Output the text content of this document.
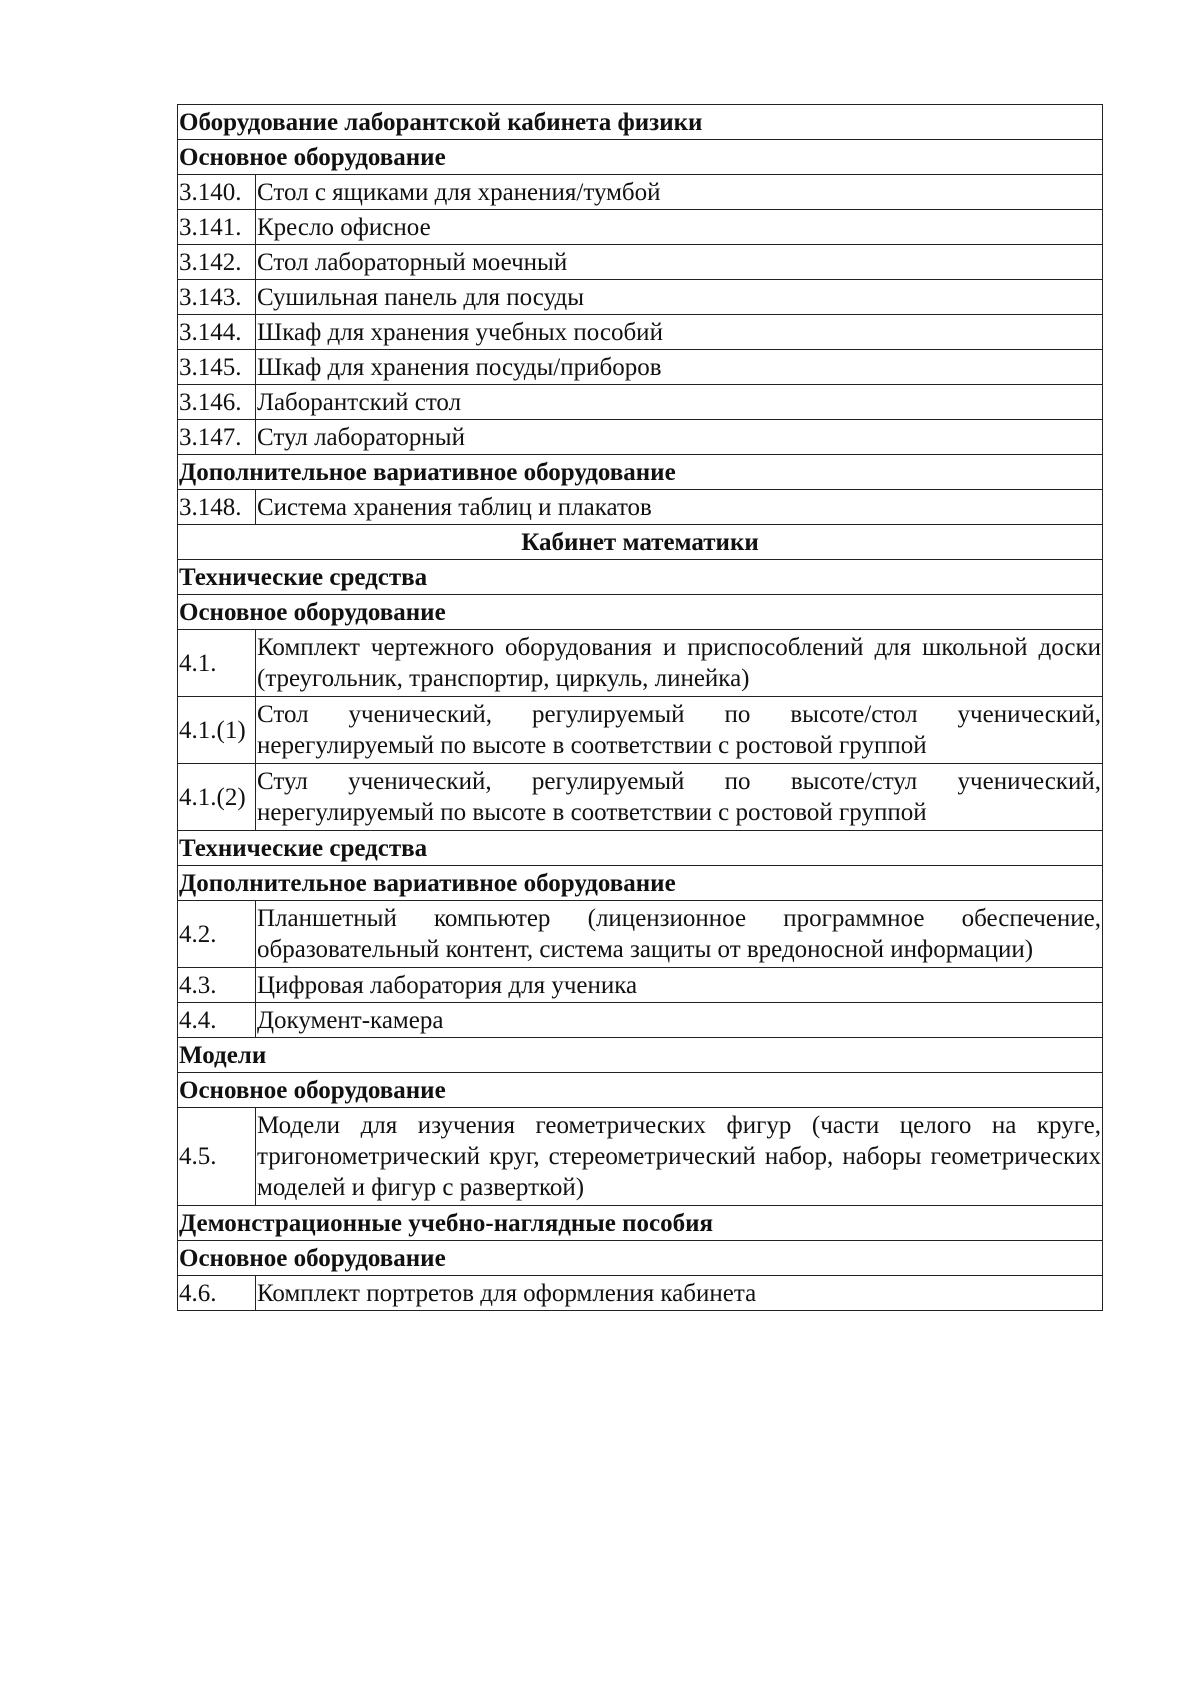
Оборудование лаборантской кабинета физики	
Основное оборудование	
3.140.	Стол с ящиками для хранения/тумбой
3.141.	Кресло офисное
3.142.	Стол лабораторный моечный
3.143.	Сушильная панель для посуды
3.144.	Шкаф для хранения учебных пособий
3.145.	Шкаф для хранения посуды/приборов
3.146.	Лаборантский стол
3.147.	Стул лабораторный
Дополнительное вариативное оборудование	
3.148.	Система хранения таблиц и плакатов
Кабинет математики	
Технические средства	
Основное оборудование	
4.1.	Комплект чертежного оборудования и приспособлений для школьной доски (треугольник, транспортир, циркуль, линейка)
4.1.(1)	Стол ученический, регулируемый по высоте/стол ученический, нерегулируемый по высоте в соответствии с ростовой группой
4.1.(2)	Стул ученический, регулируемый по высоте/стул ученический, нерегулируемый по высоте в соответствии с ростовой группой
Технические средства	
Дополнительное вариативное оборудование	
4.2.	Планшетный компьютер (лицензионное программное обеспечение, образовательный контент, система защиты от вредоносной информации)
4.3.	Цифровая лаборатория для ученика
4.4.	Документ-камера
Модели	
Основное оборудование	
4.5.	Модели для изучения геометрических фигур (части целого на круге, тригонометрический круг, стереометрический набор, наборы геометрических моделей и фигур с разверткой)
Демонстрационные учебно-наглядные пособия	
Основное оборудование	
4.6.	Комплект портретов для оформления кабинета
